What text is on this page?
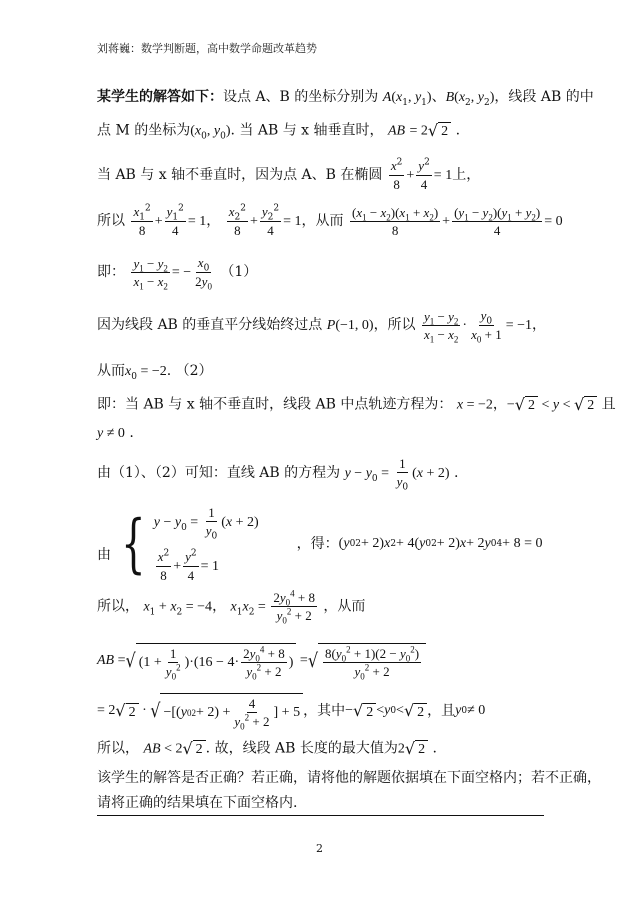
刘蒋巍：数学判断题，高中数学命题改革趋势
某学生的解答如下：设点 A、B 的坐标分别为 $A(x_1$, $y_1$)、$B(x_2$, $y_2$)，线段 AB 的中
点 M 的坐标为($x_0$, $y_0$). 当 AB 与 x 轴垂直时， AB = 2 √ 2 .
当 AB 与 x 轴不垂直时，因为点 A、B 在椭圆 $\frac{x^2}{8} + \frac{y^2}{4} = 1$上，
所以 $\frac{x_1^2}{8} + \frac{y_1^2}{4} = 1$， $\frac{x_2^2}{8} + \frac{y_2^2}{4} = 1$，从而 $\frac{(x_1 - x_2)(x_1 + x_2)}{8} + \frac{(y_1 - y_2)(y_1 + y_2)}{4} = 0$
即： $\frac{y_1 - y_2}{x_1 - x_2}$ = − $\frac{x_0}{2y_0} (1)$
因为线段 AB 的垂直平分线始终过点 P(−1, 0)，所以 $\frac{y_1 - y_2}{x_1 - x_2} \cdot \frac{y_0}{x_0 + 1} = -1$，
从而$x_0 = -2$. （2）
即：当 AB 与 x 轴不垂直时，线段 AB 中点轨迹方程为： x = −2，− √ 2 < y < √ 2 且
y ≠ 0 .
由（1）、（2）可知：直线 AB 的方程为 $y - y_0 = \frac{1}{y_0} (x + 2)$ .
由 { $y - y_0 = \frac{1}{y_0} (x + 2)$
$\frac{x^2}{8} + \frac{y^2}{4} = 1$
，得： ( y 0 2 + 2) x 2 + 4( y 0 2 + 2) x + 2 y 0 4 + 8 = 0
所以， $x_1 + x_2 = -4$， $x_1x_2 = \frac{2y_0^4 + 8}{y_0^2 + 2}$ ，从而
AB = √ $(1 + \frac{1}{y_0^2} )\cdot(16 - 4\cdot \frac{2y_0^4 + 8}{y_0^2 + 2}$ ) = √ $\frac{8(y_0^2 + 1)(2 - y_0^2)}{y_0^2 + 2}$
= 2 √ 2 · √ −[( y 0 $2 + 2) + \frac{4}{y_0^2 + 2}$ ] + 5 ，其中 − √ 2 < y 0 < √ 2 ，且 y 0 ≠ 0
所以， AB < 2 √ 2 . 故，线段 AB 长度的最大值为2 √ 2 .
该学生的解答是否正确？若正确，请将他的解题依据填在下面空格内；若不正确，
请将正确的结果填在下面空格内.
2
